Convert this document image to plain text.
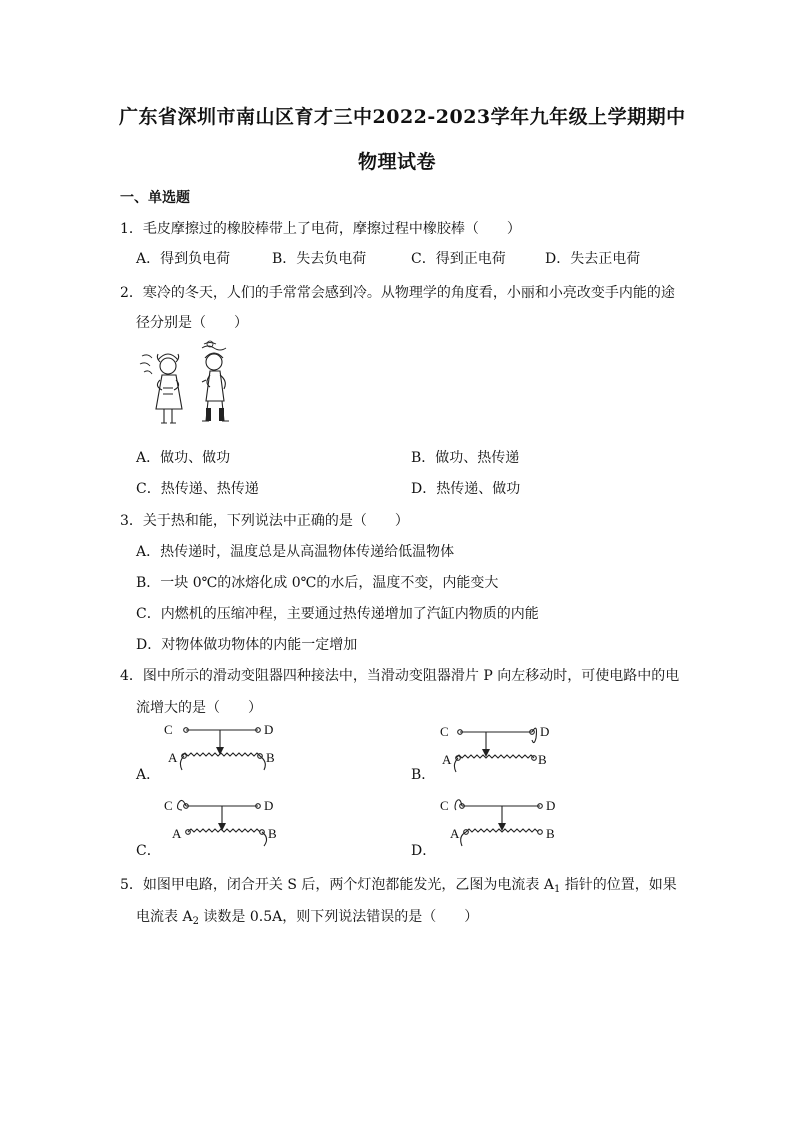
广东省深圳市南山区育才三中2022-2023学年九年级上学期期中
物理试卷
一、单选题
1．毛皮摩擦过的橡胶棒带上了电荷，摩擦过程中橡胶棒（　　）
A．得到负电荷	B．失去负电荷	C．得到正电荷	D．失去正电荷
2．寒冷的冬天，人们的手常常会感到冷。从物理学的角度看，小丽和小亮改变手内能的途
径分别是（　　）
A．做功、做功	B．做功、热传递
C．热传递、热传递	D．热传递、做功
3．关于热和能，下列说法中正确的是（　　）
A．热传递时，温度总是从高温物体传递给低温物体
B．一块 0℃的冰熔化成 0℃的水后，温度不变，内能变大
C．内燃机的压缩冲程，主要通过热传递增加了汽缸内物质的内能
D．对物体做功物体的内能一定增加
4．图中所示的滑动变阻器四种接法中，当滑动变阻器滑片 P 向左移动时，可使电路中的电
流增大的是（　　）
C	D
A	B
A．
C	D
A	B
B．
C	D
A	B
C．
C	D
A	B
D．
5．如图甲电路，闭合开关 S 后，两个灯泡都能发光，乙图为电流表 $A_1$ 指针的位置，如果
电流表 $A_2$ 读数是 0.5A，则下列说法错误的是（　　）
